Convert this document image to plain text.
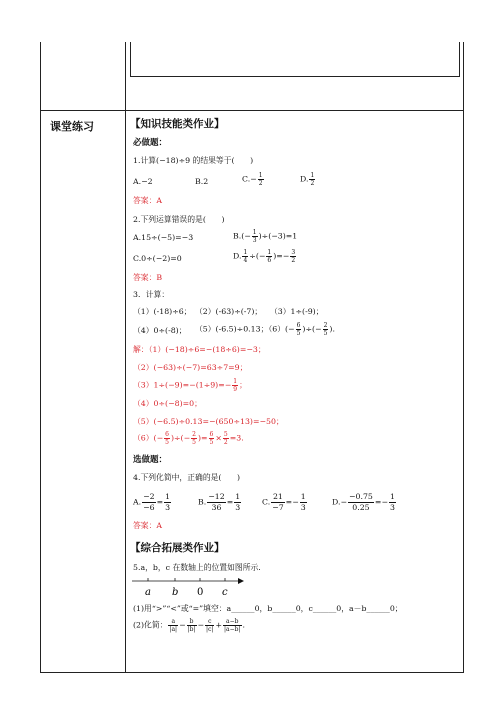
课堂练习	【知识技能类作业】
必做题：
1.计算(−18)÷9 的结果等于(　　)
A.−2	B.2	$C.- \frac{1}{2}$	D. $\frac{1}{2}$
答案：A
2.下列运算错误的是(　　)
A.15÷(−5)=−3	$B.(- \frac{1}{3} )\div(-3)=1$
C.0÷(−2)=0	D. $\frac{1}{4}$ ÷(− $\frac{1}{6}$ )=− $\frac{3}{2}$
答案：B
3．计算：
（1）(-18)÷6； （2）(-63)÷(-7)； （3）1÷(-9)；
（4）0÷(-8)； （5）(-6.5)÷0.13；$(6)(- \frac{6}{5}$ )÷(− $\frac{2}{5}$ ).
解：（1）(−18)÷6=−(18÷6)=−3；
（2）(−63)÷(−7)=63÷7=9；
$(3)1\div(-9)=-(1\div 9)=- \frac{1}{9}$ ；
（4）0÷(−8)=0；
（5）(−6.5)÷0.13=−(650÷13)=−50；
$(6)(- \frac{6}{5}$ )÷(− $\frac{2}{5}$ )= $\frac{6}{5} \times \frac{5}{2} =3$.
选做题：
4.下列化简中，正确的是(　　)
A. $\frac{-2}{-6} = \frac{1}{3}$	B. $\frac{-12}{36} = \frac{1}{3}$	C. $\frac{21}{-7} =- \frac{1}{3}$	$D.- \frac{-0.75}{0.25} =- \frac{1}{3}$
答案：A
【综合拓展类作业】
5.a，b，c 在数轴上的位置如图所示.
a b 0 c
(1)用“>”“<”或“=”填空：a______0，b______0，c______0，a－b______0；
(2)化简： $\frac{a}{|a|} - \frac{b}{|b|} - \frac{c}{|c|} + \frac{a-b}{|a-b|}$ .
